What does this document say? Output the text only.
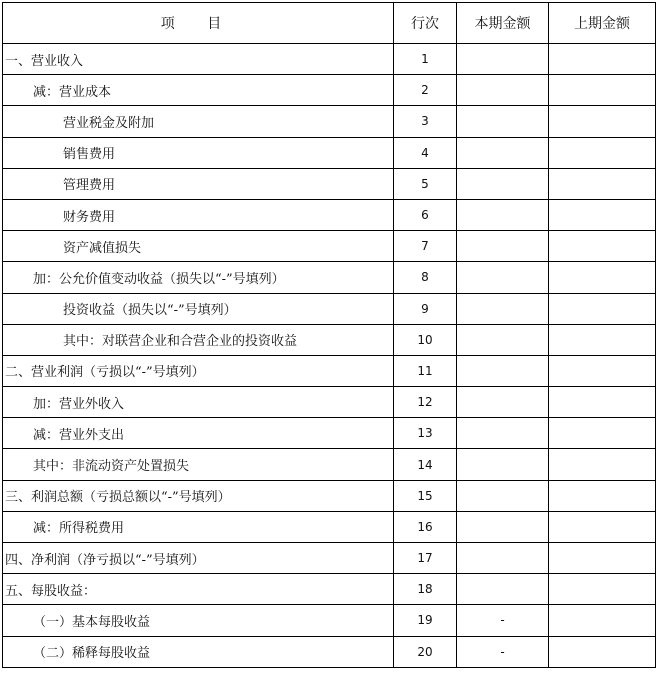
项 目	行次	本期金额	上期金额
一、营业收入	1		
减：营业成本	2		
营业税金及附加	3		
销售费用	4		
管理费用	5		
财务费用	6		
资产减值损失	7		
加：公允价值变动收益（损失以“-”号填列）	8		
投资收益（损失以“-”号填列）	9		
其中：对联营企业和合营企业的投资收益	10		
二、营业利润（亏损以“-”号填列）	11		
加：营业外收入	12		
减：营业外支出	13		
其中：非流动资产处置损失	14		
三、利润总额（亏损总额以“-”号填列）	15		
减：所得税费用	16		
四、净利润（净亏损以“-”号填列）	17		
五、每股收益：	18		
（一）基本每股收益	19	-	
（二）稀释每股收益	20	-	
